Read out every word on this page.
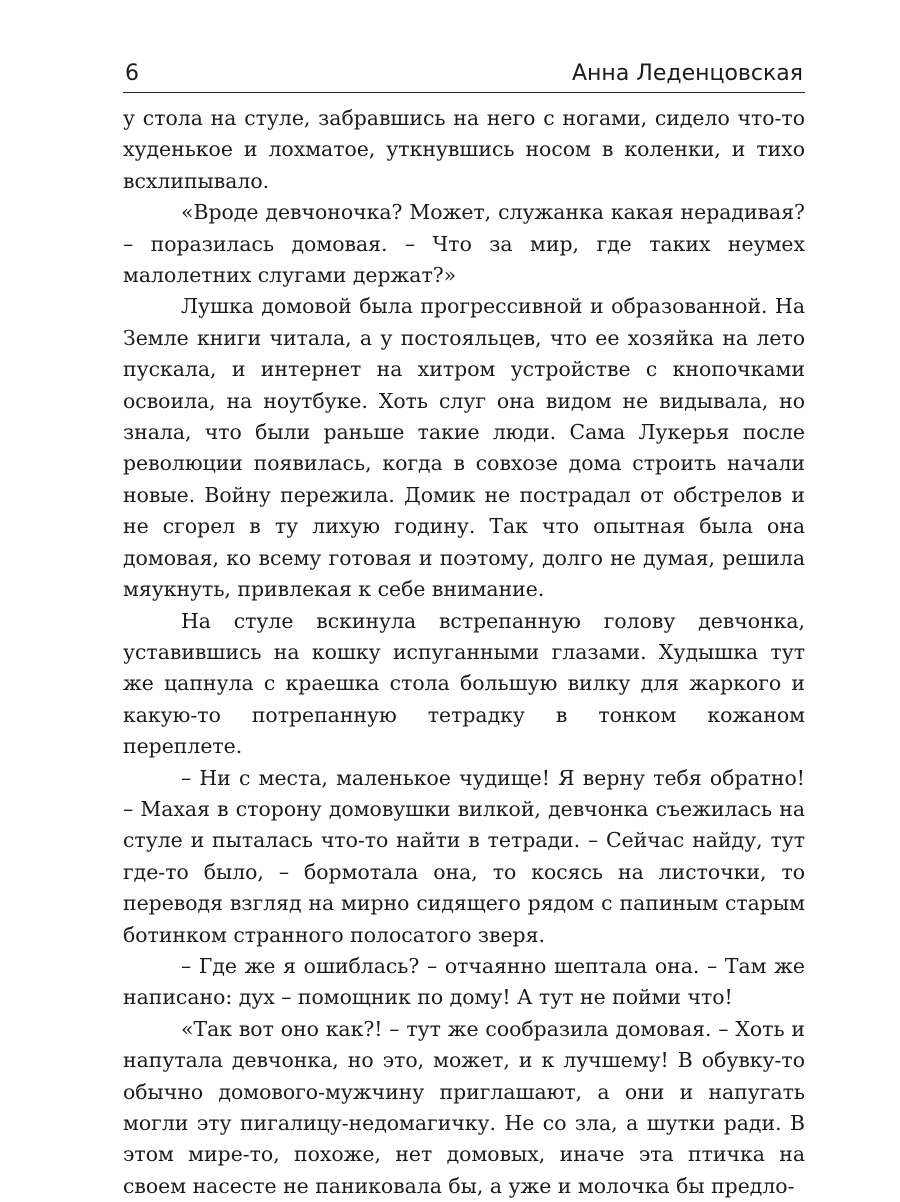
6	Анна Леденцовская

у стола на стуле, забравшись на него с ногами, сидело что-то худенькое и лохматое, уткнувшись носом в коленки, и тихо всхлипывало.

«Вроде девчоночка? Может, служанка какая нерадивая? – поразилась домовая. – Что за мир, где таких неумех малолетних слугами держат?»

Лушка домовой была прогрессивной и образованной. На Земле книги читала, а у постояльцев, что ее хозяйка на лето пускала, и интернет на хитром устройстве с кнопочками освоила, на ноутбуке. Хоть слуг она видом не видывала, но знала, что были раньше такие люди. Сама Лукерья после революции появилась, когда в совхозе дома строить начали новые. Войну пережила. Домик не пострадал от обстрелов и не сгорел в ту лихую годину. Так что опытная была она домовая, ко всему готовая и поэтому, долго не думая, решила мяукнуть, привлекая к себе внимание.

На стуле вскинула встрепанную голову девчонка, уставившись на кошку испуганными глазами. Худышка тут же цапнула с краешка стола большую вилку для жаркого и какую-то потрепанную тетрадку в тонком кожаном переплете.

– Ни с места, маленькое чудище! Я верну тебя обратно! – Махая в сторону домовушки вилкой, девчонка съежилась на стуле и пыталась что-то найти в тетради. – Сейчас найду, тут где-то было, – бормотала она, то косясь на листочки, то переводя взгляд на мирно сидящего рядом с папиным старым ботинком странного полосатого зверя.

– Где же я ошиблась? – отчаянно шептала она. – Там же написано: дух – помощник по дому! А тут не пойми что!

«Так вот оно как?! – тут же сообразила домовая. – Хоть и напутала девчонка, но это, может, и к лучшему! В обувку-то обычно домового-мужчину приглашают, а они и напугать могли эту пигалицу-недомагичку. Не со зла, а шутки ради. В этом мире-то, похоже, нет домовых, иначе эта птичка на своем насесте не паниковала бы, а уже и молочка бы предло-
